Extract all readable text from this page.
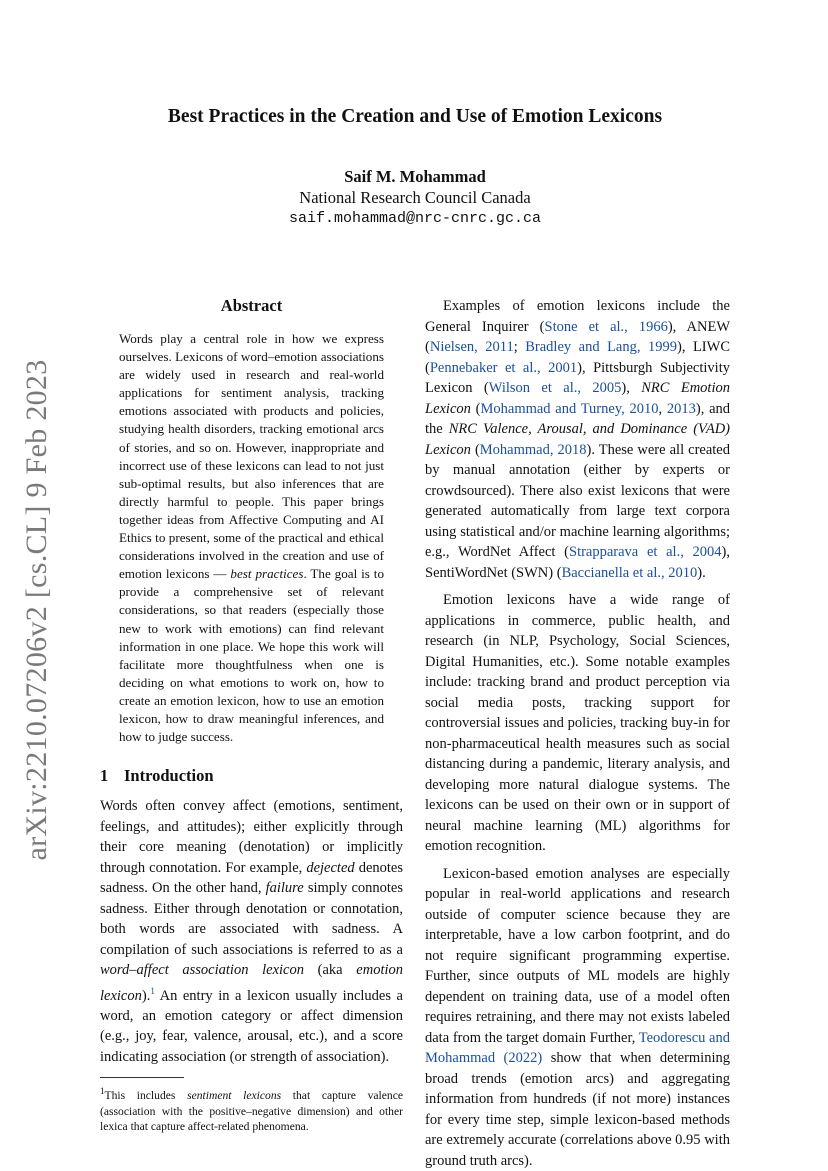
arXiv:2210.07206v2 [cs.CL] 9 Feb 2023
Best Practices in the Creation and Use of Emotion Lexicons
Saif M. Mohammad
National Research Council Canada
saif.mohammad@nrc-cnrc.gc.ca
Abstract
Words play a central role in how we express ourselves. Lexicons of word–emotion associations are widely used in research and real-world applications for sentiment analysis, tracking emotions associated with products and policies, studying health disorders, tracking emotional arcs of stories, and so on. However, inappropriate and incorrect use of these lexicons can lead to not just sub-optimal results, but also inferences that are directly harmful to people. This paper brings together ideas from Affective Computing and AI Ethics to present, some of the practical and ethical considerations involved in the creation and use of emotion lexicons — best practices. The goal is to provide a comprehensive set of relevant considerations, so that readers (especially those new to work with emotions) can find relevant information in one place. We hope this work will facilitate more thoughtfulness when one is deciding on what emotions to work on, how to create an emotion lexicon, how to use an emotion lexicon, how to draw meaningful inferences, and how to judge success.
1 Introduction

Words often convey affect (emotions, sentiment, feelings, and attitudes); either explicitly through their core meaning (denotation) or implicitly through connotation. For example, dejected denotes sadness. On the other hand, failure simply connotes sadness. Either through denotation or connotation, both words are associated with sadness. A compilation of such associations is referred to as a word–affect association lexicon (aka emotion lexicon).$^1$ An entry in a lexicon usually includes a word, an emotion category or affect dimension (e.g., joy, fear, valence, arousal, etc.), and a score indicating association (or strength of association).

$^1$This includes sentiment lexicons that capture valence (association with the positive–negative dimension) and other lexica that capture affect-related phenomena.

Examples of emotion lexicons include the General Inquirer (Stone et al., 1966), ANEW (Nielsen, 2011; Bradley and Lang, 1999), LIWC (Pennebaker et al., 2001), Pittsburgh Subjectivity Lexicon (Wilson et al., 2005), NRC Emotion Lexicon (Mohammad and Turney, 2010, 2013), and the NRC Valence, Arousal, and Dominance (VAD) Lexicon (Mohammad, 2018). These were all created by manual annotation (either by experts or crowdsourced). There also exist lexicons that were generated automatically from large text corpora using statistical and/or machine learning algorithms; e.g., WordNet Affect (Strapparava et al., 2004), SentiWordNet (SWN) (Baccianella et al., 2010).

Emotion lexicons have a wide range of applications in commerce, public health, and research (in NLP, Psychology, Social Sciences, Digital Humanities, etc.). Some notable examples include: tracking brand and product perception via social media posts, tracking support for controversial issues and policies, tracking buy-in for non-pharmaceutical health measures such as social distancing during a pandemic, literary analysis, and developing more natural dialogue systems. The lexicons can be used on their own or in support of neural machine learning (ML) algorithms for emotion recognition.

Lexicon-based emotion analyses are especially popular in real-world applications and research outside of computer science because they are interpretable, have a low carbon footprint, and do not require significant programming expertise. Further, since outputs of ML models are highly dependent on training data, use of a model often requires retraining, and there may not exists labeled data from the target domain Further, Teodorescu and Mohammad (2022) show that when determining broad trends (emotion arcs) and aggregating information from hundreds (if not more) instances for every time step, simple lexicon-based methods are extremely accurate (correlations above 0.95 with ground truth arcs).
